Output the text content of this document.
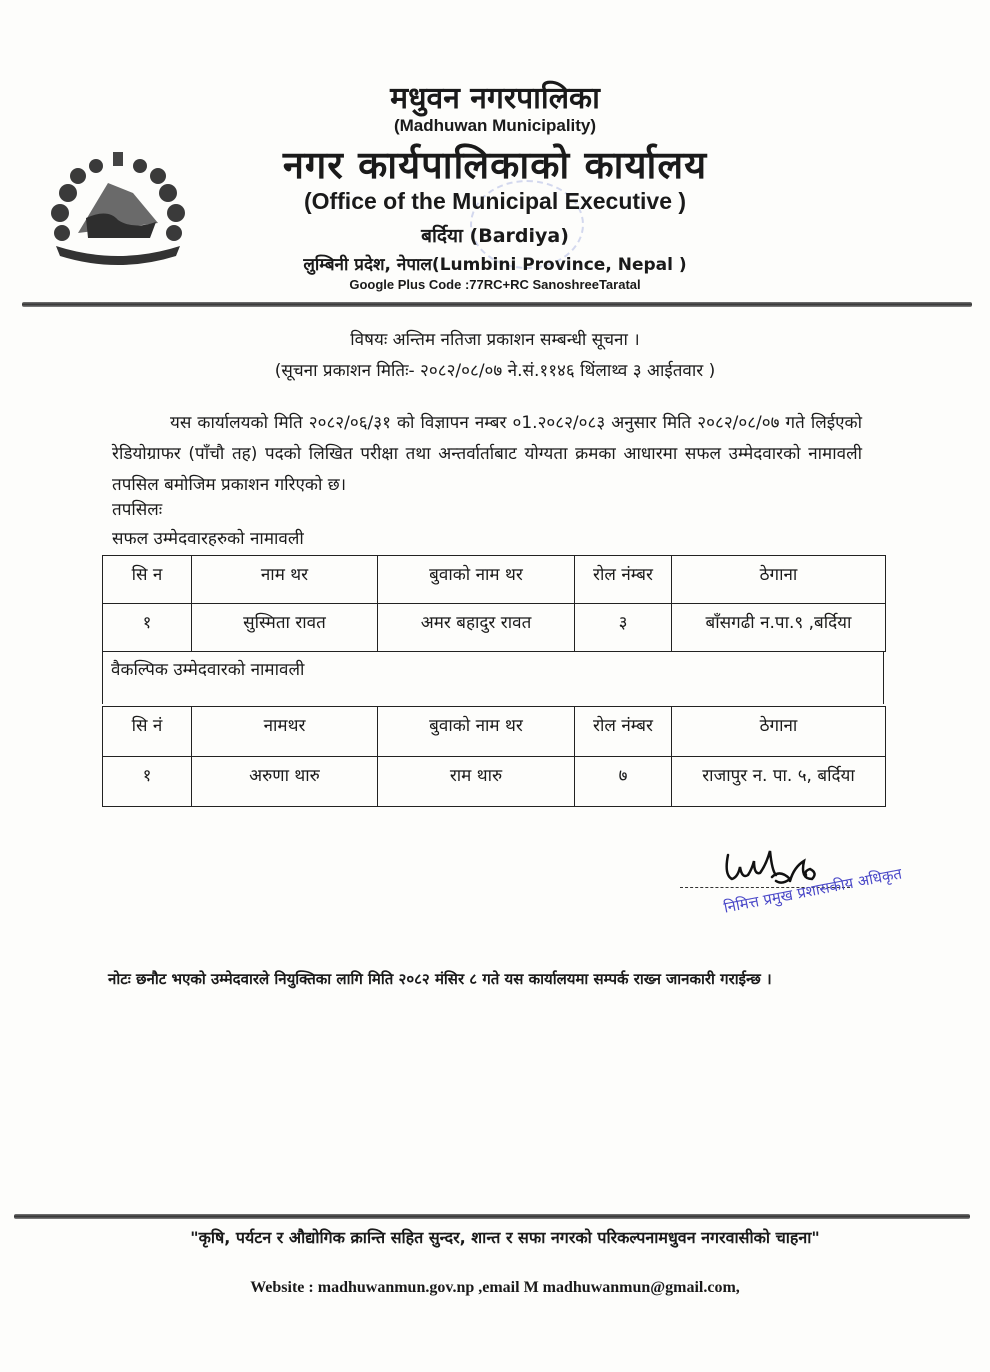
मधुवन नगरपालिका
(Madhuwan Municipality)
नगर कार्यपालिकाको कार्यालय
(Office of the Municipal Executive )
बर्दिया (Bardiya)
लुम्बिनी प्रदेश, नेपाल(Lumbini Province, Nepal )
Google Plus Code :77RC+RC SanoshreeTaratal
विषयः अन्तिम नतिजा प्रकाशन सम्बन्धी सूचना ।
(सूचना प्रकाशन मितिः- २०८२/०८/०७ ने.सं.११४६ थिंलाथ्व ३ आईतवार )
यस कार्यालयको मिति २०८२/०६/३१ को विज्ञापन नम्बर ०1.२०८२/०८३ अनुसार मिति २०८२/०८/०७ गते लिईएको रेडियोग्राफर (पाँचौ तह) पदको लिखित परीक्षा तथा अन्तर्वार्ताबाट योग्यता क्रमका आधारमा सफल उम्मेदवारको नामावली तपसिल बमोजिम प्रकाशन गरिएको छ।
तपसिलः
सफल उम्मेदवारहरुको नामावली
सि न	नाम थर	बुवाको नाम थर	रोल नंम्बर	ठेगाना
१	सुस्मिता रावत	अमर बहादुर रावत	३	बाँसगढी न.पा.९ ,बर्दिया
वैकल्पिक उम्मेदवारको नामावली
सि नं	नामथर	बुवाको नाम थर	रोल नंम्बर	ठेगाना
१	अरुणा थारु	राम थारु	७	राजापुर न. पा. ५, बर्दिया
निमित्त प्रमुख प्रशासकीय अधिकृत
नोटः छनौट भएको उम्मेदवारले नियुक्तिका लागि मिति २०८२ मंसिर ८ गते यस कार्यालयमा सम्पर्क राख्न जानकारी गराईन्छ ।
"कृषि, पर्यटन र औद्योगिक क्रान्ति सहित सुन्दर, शान्त र सफा नगरको परिकल्पनामधुवन नगरवासीको चाहना"
Website : madhuwanmun.gov.np ,email M madhuwanmun@gmail.com,
